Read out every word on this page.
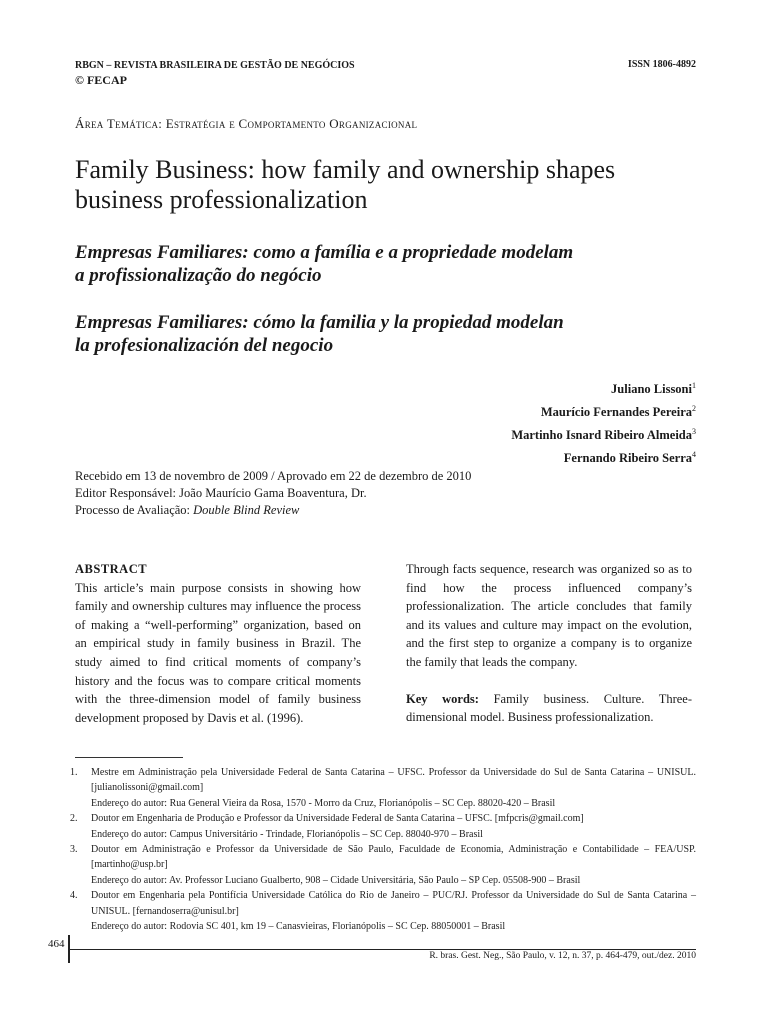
RBGN – REVISTA BRASILEIRA DE GESTÃO DE NEGÓCIOS
© FECAP
ISSN 1806-4892
Área Temática: Estratégia e Comportamento Organizacional
Family Business: how family and ownership shapes
business professionalization
Empresas Familiares: como a família e a propriedade modelam
a profissionalização do negócio
Empresas Familiares: cómo la familia y la propiedad modelan
la profesionalización del negocio
Juliano Lissoni$^1$
Maurício Fernandes Pereira$^2$
Martinho Isnard Ribeiro Almeida$^3$
Fernando Ribeiro Serra$^4$
Recebido em 13 de novembro de 2009 / Aprovado em 22 de dezembro de 2010
Editor Responsável: João Maurício Gama Boaventura, Dr.
Processo de Avaliação: Double Blind Review
ABSTRACT
This article’s main purpose consists in showing how family and ownership cultures may influence the process of making a “well-performing” organization, based on an empirical study in family business in Brazil. The study aimed to find critical moments of company’s history and the focus was to compare critical moments with the three-dimension model of family business development proposed by Davis et al. (1996).
Through facts sequence, research was organized so as to find how the process influenced company’s professionalization. The article concludes that family and its values and culture may impact on the evolution, and the first step to organize a company is to organize the family that leads the company.
Key words: Family business. Culture. Three-dimensional model. Business professionalization.
1.	Mestre em Administração pela Universidade Federal de Santa Catarina – UFSC. Professor da Universidade do Sul de Santa Catarina – UNISUL. [julianolissoni@gmail.com]
Endereço do autor: Rua General Vieira da Rosa, 1570 - Morro da Cruz, Florianópolis – SC Cep. 88020-420 – Brasil
2.	Doutor em Engenharia de Produção e Professor da Universidade Federal de Santa Catarina – UFSC. [mfpcris@gmail.com]
Endereço do autor: Campus Universitário - Trindade, Florianópolis – SC Cep. 88040-970 – Brasil
3.	Doutor em Administração e Professor da Universidade de São Paulo, Faculdade de Economia, Administração e Contabilidade – FEA/USP. [martinho@usp.br]
Endereço do autor: Av. Professor Luciano Gualberto, 908 – Cidade Universitária, São Paulo – SP Cep. 05508-900 – Brasil
4.	Doutor em Engenharia pela Pontifícia Universidade Católica do Rio de Janeiro – PUC/RJ. Professor da Universidade do Sul de Santa Catarina – UNISUL. [fernandoserra@unisul.br]
Endereço do autor: Rodovia SC 401, km 19 – Canasvieiras, Florianópolis – SC Cep. 88050001 – Brasil
464
R. bras. Gest. Neg., São Paulo, v. 12, n. 37, p. 464-479, out./dez. 2010
